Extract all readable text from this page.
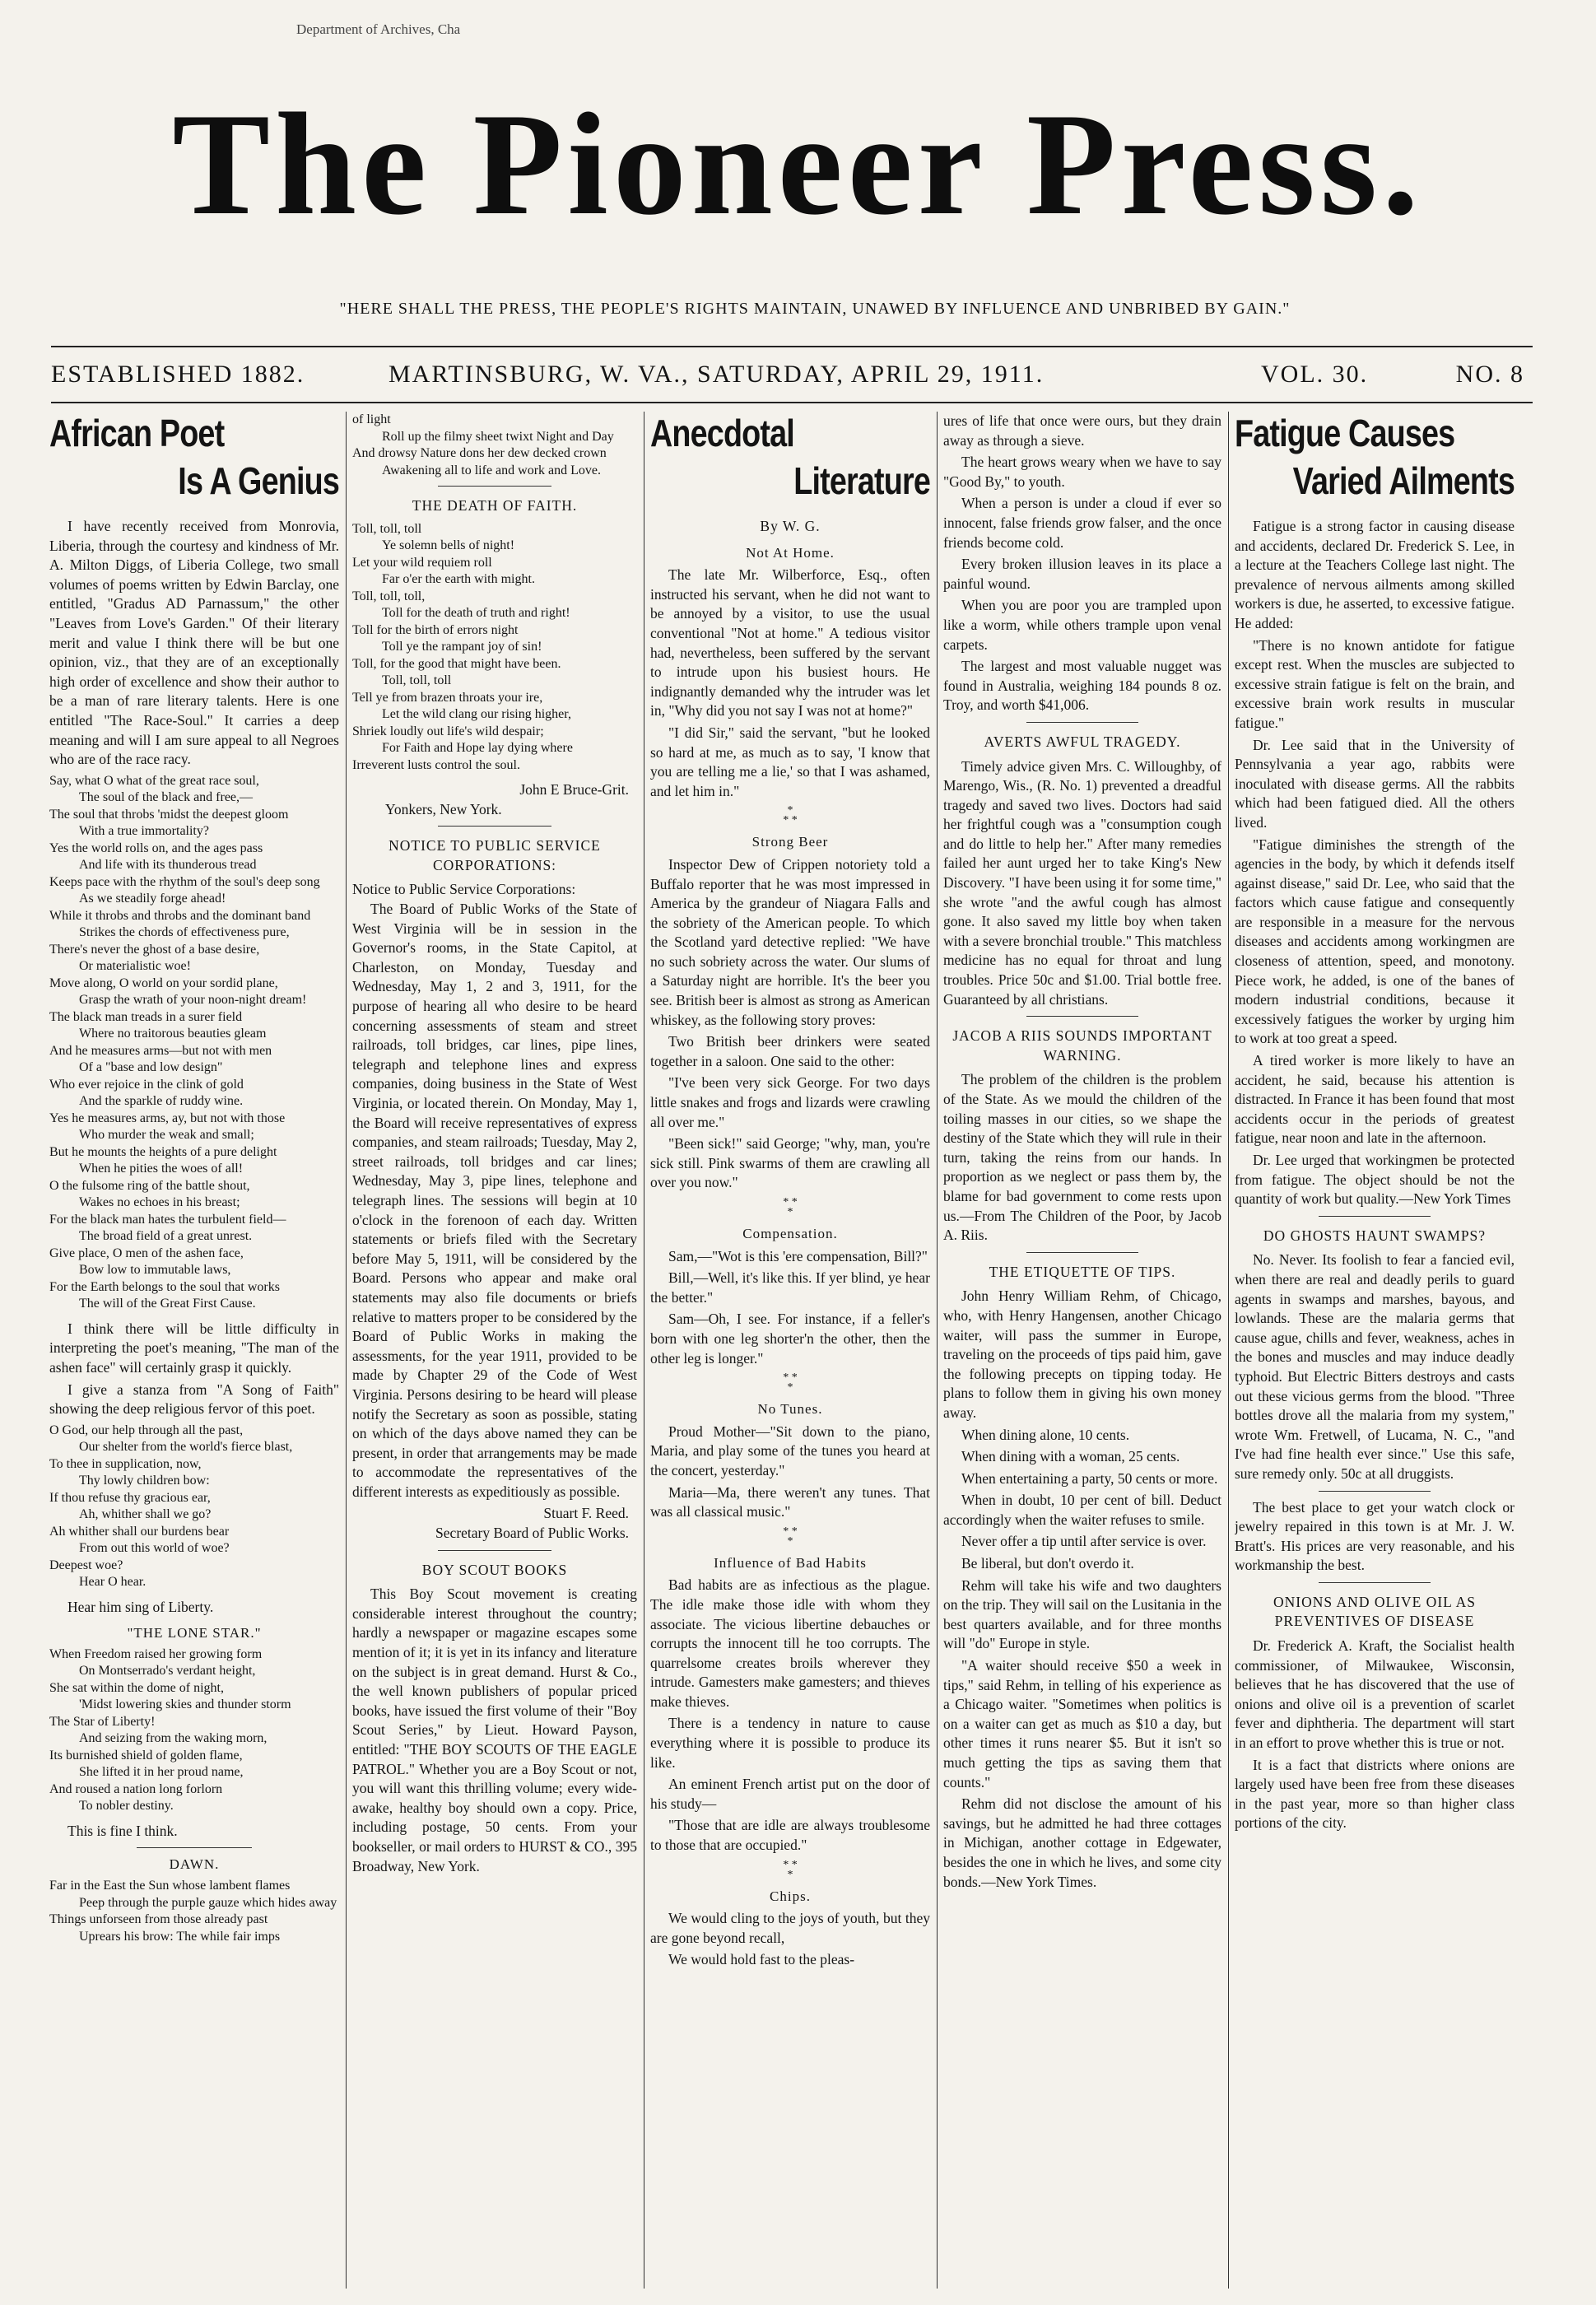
Department of Archives, Cha
The Pioneer Press.
"HERE SHALL THE PRESS, THE PEOPLE'S RIGHTS MAINTAIN, UNAWED BY INFLUENCE AND UNBRIBED BY GAIN."
ESTABLISHED 1882.	MARTINSBURG, W. VA., SATURDAY, APRIL 29, 1911.	VOL. 30.	NO. 8
African Poet
Is A Genius

I have recently received from Monrovia, Liberia, through the courtesy and kindness of Mr. A. Milton Diggs, of Liberia College, two small volumes of poems written by Edwin Barclay, one entitled, "Gradus AD Parnassum," the other "Leaves from Love's Garden." Of their literary merit and value I think there will be but one opinion, viz., that they are of an exceptionally high order of excellence and show their author to be a man of rare literary talents. Here is one entitled "The Race-Soul." It carries a deep meaning and will I am sure appeal to all Negroes who are of the race racy.

Say, what O what of the great race soul,
The soul of the black and free,—
The soul that throbs 'midst the deepest gloom
With a true immortality?
Yes the world rolls on, and the ages pass
And life with its thunderous tread
Keeps pace with the rhythm of the soul's deep song
As we steadily forge ahead!
While it throbs and throbs and the dominant band
Strikes the chords of effectiveness pure,
There's never the ghost of a base desire,
Or materialistic woe!
Move along, O world on your sordid plane,
Grasp the wrath of your noon-night dream!
The black man treads in a surer field
Where no traitorous beauties gleam
And he measures arms—but not with men
Of a "base and low design"
Who ever rejoice in the clink of gold
And the sparkle of ruddy wine.
Yes he measures arms, ay, but not with those
Who murder the weak and small;
But he mounts the heights of a pure delight
When he pities the woes of all!
O the fulsome ring of the battle shout,
Wakes no echoes in his breast;
For the black man hates the turbulent field—
The broad field of a great unrest.
Give place, O men of the ashen face,
Bow low to immutable laws,
For the Earth belongs to the soul that works
The will of the Great First Cause.

I think there will be little difficulty in interpreting the poet's meaning, "The man of the ashen face" will certainly grasp it quickly.

I give a stanza from "A Song of Faith" showing the deep religious fervor of this poet.

O God, our help through all the past,
Our shelter from the world's fierce blast,
To thee in supplication, now,
Thy lowly children bow:
If thou refuse thy gracious ear,
Ah, whither shall we go?
Ah whither shall our burdens bear
From out this world of woe?
Deepest woe?
Hear O hear.

Hear him sing of Liberty.

"THE LONE STAR."
When Freedom raised her growing form
On Montserrado's verdant height,
She sat within the dome of night,
'Midst lowering skies and thunder storm
The Star of Liberty!
And seizing from the waking morn,
Its burnished shield of golden flame,
She lifted it in her proud name,
And roused a nation long forlorn
To nobler destiny.

This is fine I think.

DAWN.
Far in the East the Sun whose lambent flames
Peep through the purple gauze which hides away
Things unforseen from those already past
Uprears his brow: The while fair imps
of light
Roll up the filmy sheet twixt Night and Day
And drowsy Nature dons her dew decked crown
Awakening all to life and work and Love.
THE DEATH OF FAITH.
Toll, toll, toll
Ye solemn bells of night!
Let your wild requiem roll
Far o'er the earth with might.
Toll, toll, toll,
Toll for the death of truth and right!
Toll for the birth of errors night
Toll ye the rampant joy of sin!
Toll, for the good that might have been.
Toll, toll, toll
Tell ye from brazen throats your ire,
Let the wild clang our rising higher,
Shriek loudly out life's wild despair;
For Faith and Hope lay dying where
Irreverent lusts control the soul.
John E Bruce-Grit.
Yonkers, New York.
NOTICE TO PUBLIC SERVICE CORPORATIONS:
Notice to Public Service Corporations:

The Board of Public Works of the State of West Virginia will be in session in the Governor's rooms, in the State Capitol, at Charleston, on Monday, Tuesday and Wednesday, May 1, 2 and 3, 1911, for the purpose of hearing all who desire to be heard concerning assessments of steam and street railroads, toll bridges, car lines, pipe lines, telegraph and telephone lines and express companies, doing business in the State of West Virginia, or located therein. On Monday, May 1, the Board will receive representatives of express companies, and steam railroads; Tuesday, May 2, street railroads, toll bridges and car lines; Wednesday, May 3, pipe lines, telephone and telegraph lines. The sessions will begin at 10 o'clock in the forenoon of each day. Written statements or briefs filed with the Secretary before May 5, 1911, will be considered by the Board. Persons who appear and make oral statements may also file documents or briefs relative to matters proper to be considered by the Board of Public Works in making the assessments, for the year 1911, provided to be made by Chapter 29 of the Code of West Virginia. Persons desiring to be heard will please notify the Secretary as soon as possible, stating on which of the days above named they can be present, in order that arrangements may be made to accommodate the representatives of the different interests as expeditiously as possible.

Stuart F. Reed.
Secretary Board of Public Works.
BOY SCOUT BOOKS

This Boy Scout movement is creating considerable interest throughout the country; hardly a newspaper or magazine escapes some mention of it; it is yet in its infancy and literature on the subject is in great demand. Hurst & Co., the well known publishers of popular priced books, have issued the first volume of their "Boy Scout Series," by Lieut. Howard Payson, entitled: "THE BOY SCOUTS OF THE EAGLE PATROL." Whether you are a Boy Scout or not, you will want this thrilling volume; every wide-awake, healthy boy should own a copy. Price, including postage, 50 cents. From your bookseller, or mail orders to HURST & CO., 395 Broadway, New York.

Anecdotal
Literature
By W. G.
Not At Home.

The late Mr. Wilberforce, Esq., often instructed his servant, when he did not want to be annoyed by a visitor, to use the usual conventional "Not at home." A tedious visitor had, nevertheless, been suffered by the servant to intrude upon his busiest hours. He indignantly demanded why the intruder was let in, "Why did you not say I was not at home?"

"I did Sir," said the servant, "but he looked so hard at me, as much as to say, 'I know that you are telling me a lie,' so that I was ashamed, and let him in."

*
* *
Strong Beer

Inspector Dew of Crippen notoriety told a Buffalo reporter that he was most impressed in America by the grandeur of Niagara Falls and the sobriety of the American people. To which the Scotland yard detective replied: "We have no such sobriety across the water. Our slums of a Saturday night are horrible. It's the beer you see. British beer is almost as strong as American whiskey, as the following story proves:

Two British beer drinkers were seated together in a saloon. One said to the other:

"I've been very sick George. For two days little snakes and frogs and lizards were crawling all over me."

"Been sick!" said George; "why, man, you're sick still. Pink swarms of them are crawling all over you now."

* *
*
Compensation.

Sam,—"Wot is this 'ere compensation, Bill?"

Bill,—Well, it's like this. If yer blind, ye hear the better."

Sam—Oh, I see. For instance, if a feller's born with one leg shorter'n the other, then the other leg is longer."

* *
*
No Tunes.

Proud Mother—"Sit down to the piano, Maria, and play some of the tunes you heard at the concert, yesterday."

Maria—Ma, there weren't any tunes. That was all classical music."

* *
*
Influence of Bad Habits

Bad habits are as infectious as the plague. The idle make those idle with whom they associate. The vicious libertine debauches or corrupts the innocent till he too corrupts. The quarrelsome creates broils wherever they intrude. Gamesters make gamesters; and thieves make thieves.

There is a tendency in nature to cause everything where it is possible to produce its like.

An eminent French artist put on the door of his study—

"Those that are idle are always troublesome to those that are occupied."

* *
*
Chips.

We would cling to the joys of youth, but they are gone beyond recall,

We would hold fast to the pleas-

ures of life that once were ours, but they drain away as through a sieve.

The heart grows weary when we have to say "Good By," to youth.

When a person is under a cloud if ever so innocent, false friends grow falser, and the once friends become cold.

Every broken illusion leaves in its place a painful wound.

When you are poor you are trampled upon like a worm, while others trample upon venal carpets.

The largest and most valuable nugget was found in Australia, weighing 184 pounds 8 oz. Troy, and worth $41,006.

AVERTS AWFUL TRAGEDY.

Timely advice given Mrs. C. Willoughby, of Marengo, Wis., (R. No. 1) prevented a dreadful tragedy and saved two lives. Doctors had said her frightful cough was a "consumption cough and do little to help her." After many remedies failed her aunt urged her to take King's New Discovery. "I have been using it for some time," she wrote "and the awful cough has almost gone. It also saved my little boy when taken with a severe bronchial trouble." This matchless medicine has no equal for throat and lung troubles. Price 50c and $1.00. Trial bottle free. Guaranteed by all christians.

JACOB A RIIS SOUNDS IMPORTANT WARNING.

The problem of the children is the problem of the State. As we mould the children of the toiling masses in our cities, so we shape the destiny of the State which they will rule in their turn, taking the reins from our hands. In proportion as we neglect or pass them by, the blame for bad government to come rests upon us.—From The Children of the Poor, by Jacob A. Riis.

THE ETIQUETTE OF TIPS.

John Henry William Rehm, of Chicago, who, with Henry Hangensen, another Chicago waiter, will pass the summer in Europe, traveling on the proceeds of tips paid him, gave the following precepts on tipping today. He plans to follow them in giving his own money away.

When dining alone, 10 cents.

When dining with a woman, 25 cents.

When entertaining a party, 50 cents or more.

When in doubt, 10 per cent of bill. Deduct accordingly when the waiter refuses to smile.

Never offer a tip until after service is over.

Be liberal, but don't overdo it.

Rehm will take his wife and two daughters on the trip. They will sail on the Lusitania in the best quarters available, and for three months will "do" Europe in style.

"A waiter should receive $50 a week in tips," said Rehm, in telling of his experience as a Chicago waiter. "Sometimes when politics is on a waiter can get as much as $10 a day, but other times it runs nearer $5. But it isn't so much getting the tips as saving them that counts."

Rehm did not disclose the amount of his savings, but he admitted he had three cottages in Michigan, another cottage in Edgewater, besides the one in which he lives, and some city bonds.—New York Times.

Fatigue Causes
Varied Ailments

Fatigue is a strong factor in causing disease and accidents, declared Dr. Frederick S. Lee, in a lecture at the Teachers College last night. The prevalence of nervous ailments among skilled workers is due, he asserted, to excessive fatigue. He added:

"There is no known antidote for fatigue except rest. When the muscles are subjected to excessive strain fatigue is felt on the brain, and excessive brain work results in muscular fatigue."

Dr. Lee said that in the University of Pennsylvania a year ago, rabbits were inoculated with disease germs. All the rabbits which had been fatigued died. All the others lived.

"Fatigue diminishes the strength of the agencies in the body, by which it defends itself against disease," said Dr. Lee, who said that the factors which cause fatigue and consequently are responsible in a measure for the nervous diseases and accidents among workingmen are closeness of attention, speed, and monotony. Piece work, he added, is one of the banes of modern industrial conditions, because it excessively fatigues the worker by urging him to work at too great a speed.

A tired worker is more likely to have an accident, he said, because his attention is distracted. In France it has been found that most accidents occur in the periods of greatest fatigue, near noon and late in the afternoon.

Dr. Lee urged that workingmen be protected from fatigue. The object should be not the quantity of work but quality.—New York Times

DO GHOSTS HAUNT SWAMPS?

No. Never. Its foolish to fear a fancied evil, when there are real and deadly perils to guard agents in swamps and marshes, bayous, and lowlands. These are the malaria germs that cause ague, chills and fever, weakness, aches in the bones and muscles and may induce deadly typhoid. But Electric Bitters destroys and casts out these vicious germs from the blood. "Three bottles drove all the malaria from my system," wrote Wm. Fretwell, of Lucama, N. C., "and I've had fine health ever since." Use this safe, sure remedy only. 50c at all druggists.

The best place to get your watch clock or jewelry repaired in this town is at Mr. J. W. Bratt's. His prices are very reasonable, and his workmanship the best.

ONIONS AND OLIVE OIL AS PREVENTIVES OF DISEASE

Dr. Frederick A. Kraft, the Socialist health commissioner, of Milwaukee, Wisconsin, believes that he has discovered that the use of onions and olive oil is a prevention of scarlet fever and diphtheria. The department will start in an effort to prove whether this is true or not.

It is a fact that districts where onions are largely used have been free from these diseases in the past year, more so than higher class portions of the city.
